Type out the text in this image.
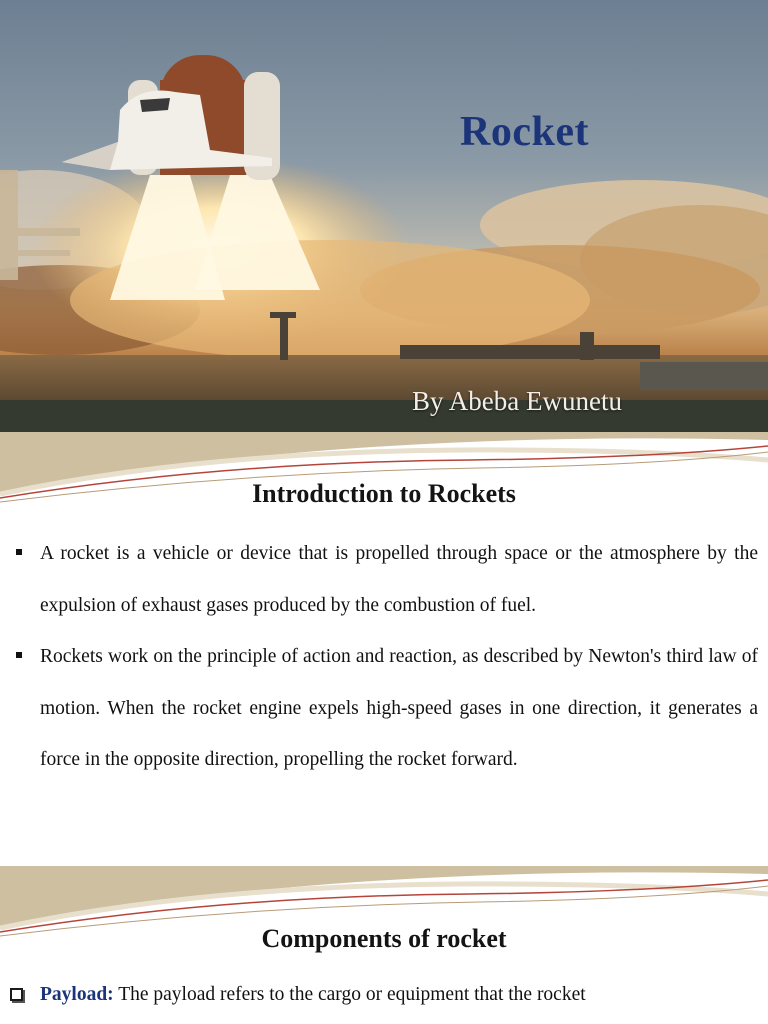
Rocket

By Abeba Ewunetu

Introduction to Rockets
A rocket is a vehicle or device that is propelled through space or the atmosphere by the expulsion of exhaust gases produced by the combustion of fuel.
Rockets work on the principle of action and reaction, as described by Newton's third law of motion. When the rocket engine expels high-speed gases in one direction, it generates a force in the opposite direction, propelling the rocket forward.
Components of rocket
Payload: The payload refers to the cargo or equipment that the rocket
